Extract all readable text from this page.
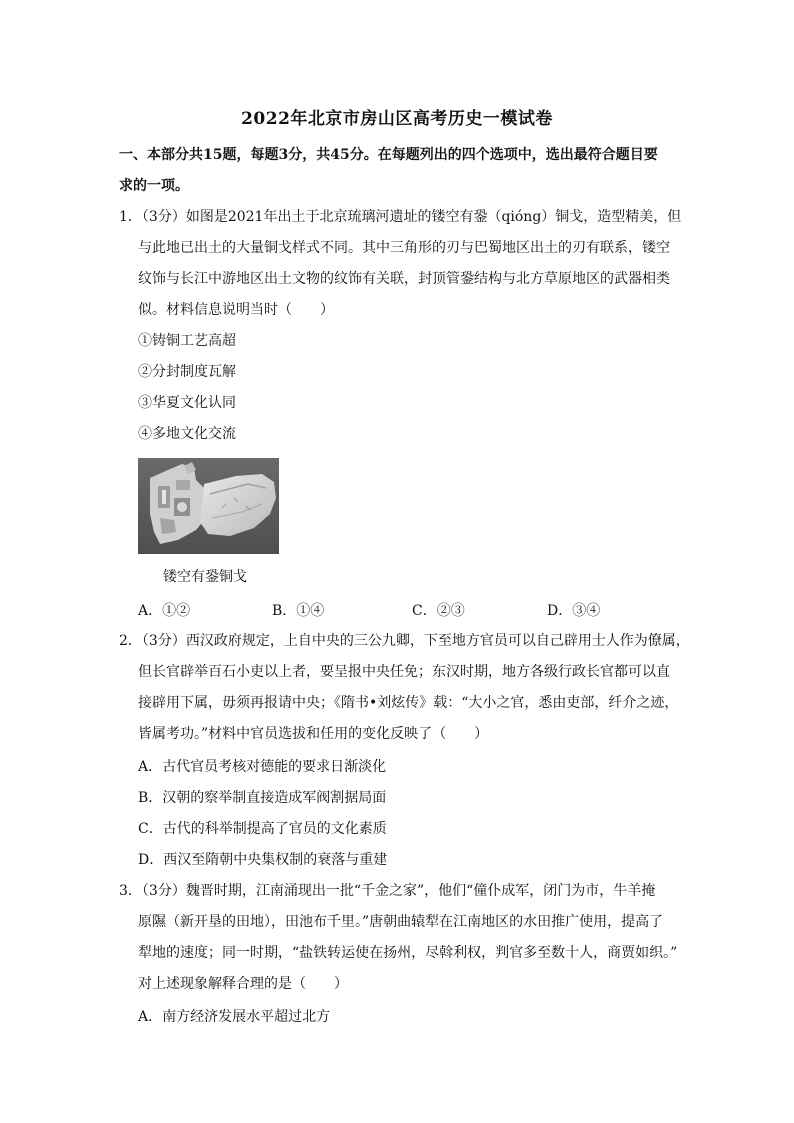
2022年北京市房山区高考历史一模试卷
一、本部分共15题，每题3分，共45分。在每题列出的四个选项中，选出最符合题目要
求的一项。
1．（3分）如图是2021年出土于北京琉璃河遗址的镂空有銎（qióng）铜戈，造型精美，但
与此地已出土的大量铜戈样式不同。其中三角形的刃与巴蜀地区出土的刃有联系，镂空
纹饰与长江中游地区出土文物的纹饰有关联，封顶管銎结构与北方草原地区的武器相类
似。材料信息说明当时（　　）
①铸铜工艺高超
②分封制度瓦解
③华夏文化认同
④多地文化交流
镂空有銎铜戈
A．①②	B．①④	C．②③	D．③④
2．（3分）西汉政府规定，上自中央的三公九卿，下至地方官员可以自己辟用士人作为僚属，
但长官辟举百石小吏以上者，要呈报中央任免；东汉时期，地方各级行政长官都可以直
接辟用下属，毋须再报请中央；《隋书•刘炫传》载：“大小之官，悉由吏部，纤介之迹，
皆属考功。”材料中官员选拔和任用的变化反映了（　　）
A．古代官员考核对德能的要求日渐淡化
B．汉朝的察举制直接造成军阀割据局面
C．古代的科举制提高了官员的文化素质
D．西汉至隋朝中央集权制的衰落与重建
3．（3分）魏晋时期，江南涌现出一批“千金之家”，他们“僮仆成军，闭门为市，牛羊掩
原隰（新开垦的田地），田池布千里。”唐朝曲辕犁在江南地区的水田推广使用，提高了
犁地的速度；同一时期，“盐铁转运使在扬州，尽斡利权，判官多至数十人，商贾如织。”
对上述现象解释合理的是（　　）
A．南方经济发展水平超过北方
